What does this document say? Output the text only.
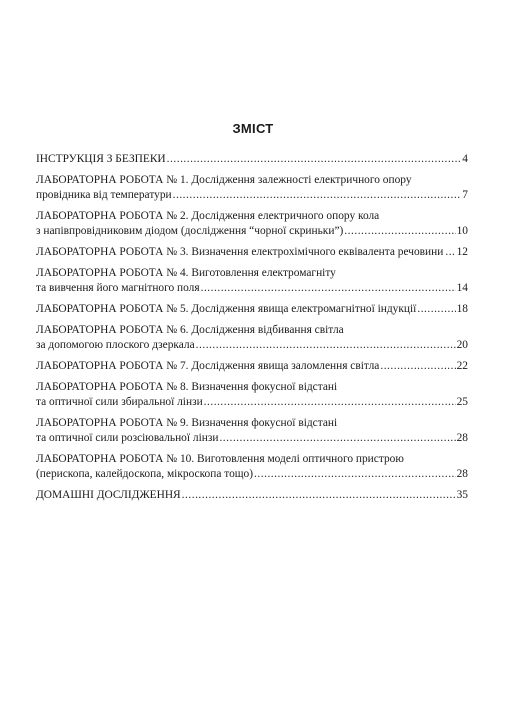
ЗМІСТ
ІНСТРУКЦІЯ З БЕЗПЕКИ .....	4
ЛАБОРАТОРНА РОБОТА № 1. Дослідження залежності електричного опору
провідника від температури .....	7
ЛАБОРАТОРНА РОБОТА № 2. Дослідження електричного опору кола
з напівпровідниковим діодом (дослідження “чорної скриньки”) .....	10
ЛАБОРАТОРНА РОБОТА № 3. Визначення електрохімічного еквівалента речовини ..... 12
ЛАБОРАТОРНА РОБОТА № 4. Виготовлення електромагніту
та вивчення його магнітного поля .....	14
ЛАБОРАТОРНА РОБОТА № 5. Дослідження явища електромагнітної індукції .....	18
ЛАБОРАТОРНА РОБОТА № 6. Дослідження відбивання світла
за допомогою плоского дзеркала .....	20
ЛАБОРАТОРНА РОБОТА № 7. Дослідження явища заломлення світла .....	22
ЛАБОРАТОРНА РОБОТА № 8. Визначення фокусної відстані
та оптичної сили збиральної лінзи .....	25
ЛАБОРАТОРНА РОБОТА № 9. Визначення фокусної відстані
та оптичної сили розсіювальної лінзи .....	28
ЛАБОРАТОРНА РОБОТА № 10. Виготовлення моделі оптичного пристрою
(перископа, калейдоскопа, мікроскопа тощо) .....	28
ДОМАШНІ ДОСЛІДЖЕННЯ .....	35
